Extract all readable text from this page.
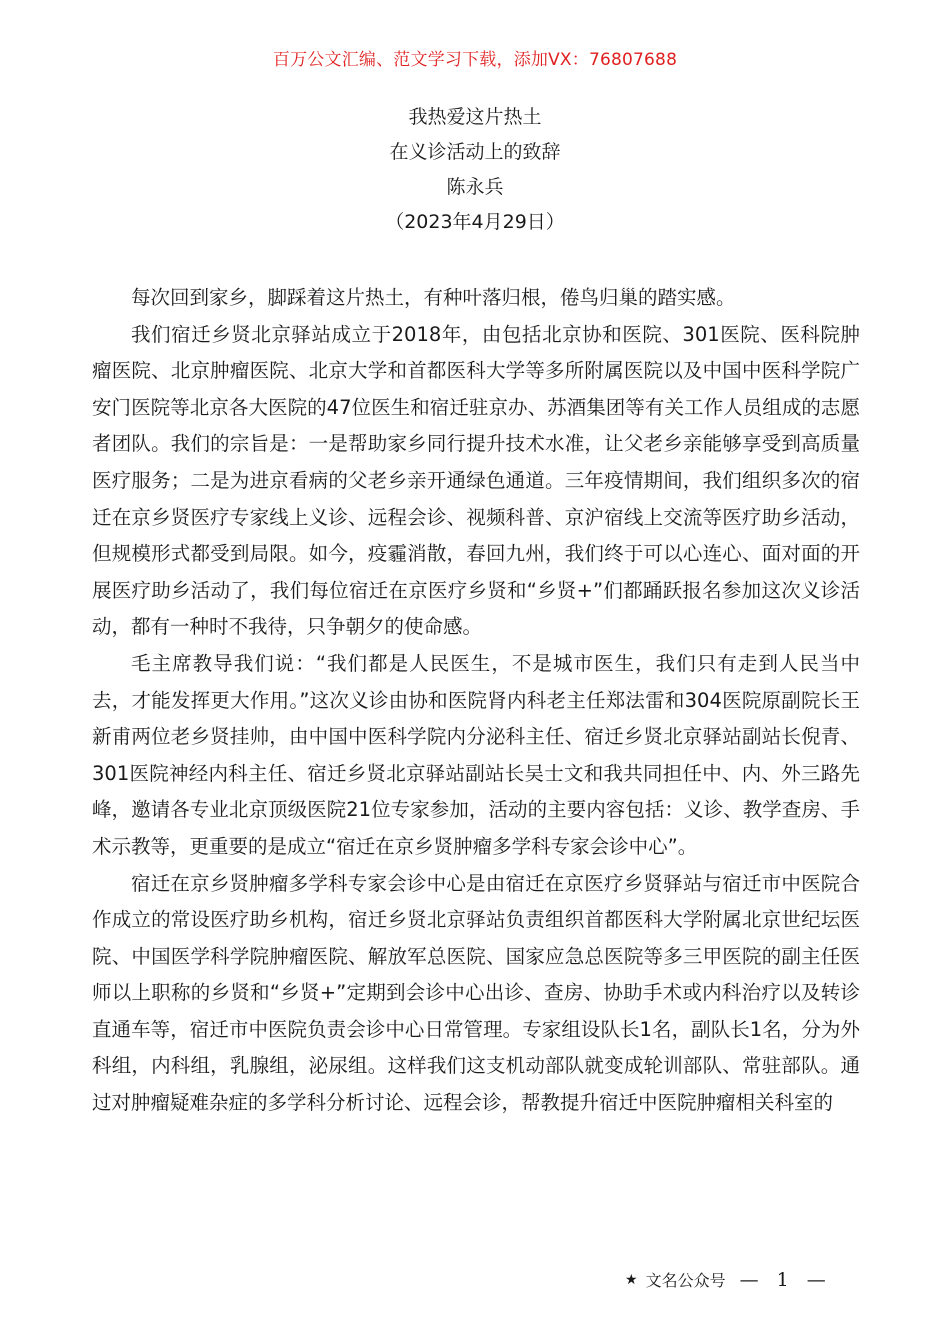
百万公文汇编、范文学习下载，添加VX：76807688
我热爱这片热土
在义诊活动上的致辞
陈永兵
（2023年4月29日）

每次回到家乡，脚踩着这片热土，有种叶落归根，倦鸟归巢的踏实感。

我们宿迁乡贤北京驿站成立于2018年，由包括北京协和医院、301医院、医科院肿瘤医院、北京肿瘤医院、北京大学和首都医科大学等多所附属医院以及中国中医科学院广安门医院等北京各大医院的47位医生和宿迁驻京办、苏酒集团等有关工作人员组成的志愿者团队。我们的宗旨是：一是帮助家乡同行提升技术水准，让父老乡亲能够享受到高质量医疗服务；二是为进京看病的父老乡亲开通绿色通道。三年疫情期间，我们组织多次的宿迁在京乡贤医疗专家线上义诊、远程会诊、视频科普、京沪宿线上交流等医疗助乡活动，但规模形式都受到局限。如今，疫霾消散，春回九州，我们终于可以心连心、面对面的开展医疗助乡活动了，我们每位宿迁在京医疗乡贤和“乡贤+”们都踊跃报名参加这次义诊活动，都有一种时不我待，只争朝夕的使命感。

毛主席教导我们说：“我们都是人民医生，不是城市医生，我们只有走到人民当中去，才能发挥更大作用。”这次义诊由协和医院肾内科老主任郑法雷和304医院原副院长王新甫两位老乡贤挂帅，由中国中医科学院内分泌科主任、宿迁乡贤北京驿站副站长倪青、301医院神经内科主任、宿迁乡贤北京驿站副站长吴士文和我共同担任中、内、外三路先峰，邀请各专业北京顶级医院21位专家参加，活动的主要内容包括：义诊、教学查房、手术示教等，更重要的是成立“宿迁在京乡贤肿瘤多学科专家会诊中心”。

宿迁在京乡贤肿瘤多学科专家会诊中心是由宿迁在京医疗乡贤驿站与宿迁市中医院合作成立的常设医疗助乡机构，宿迁乡贤北京驿站负责组织首都医科大学附属北京世纪坛医院、中国医学科学院肿瘤医院、解放军总医院、国家应急总医院等多三甲医院的副主任医师以上职称的乡贤和“乡贤+”定期到会诊中心出诊、查房、协助手术或内科治疗以及转诊直通车等，宿迁市中医院负责会诊中心日常管理。专家组设队长1名，副队长1名，分为外科组，内科组，乳腺组，泌尿组。这样我们这支机动部队就变成轮训部队、常驻部队。通过对肿瘤疑难杂症的多学科分析讨论、远程会诊，帮教提升宿迁中医院肿瘤相关科室的

★ 文名公众号 — 1 —
